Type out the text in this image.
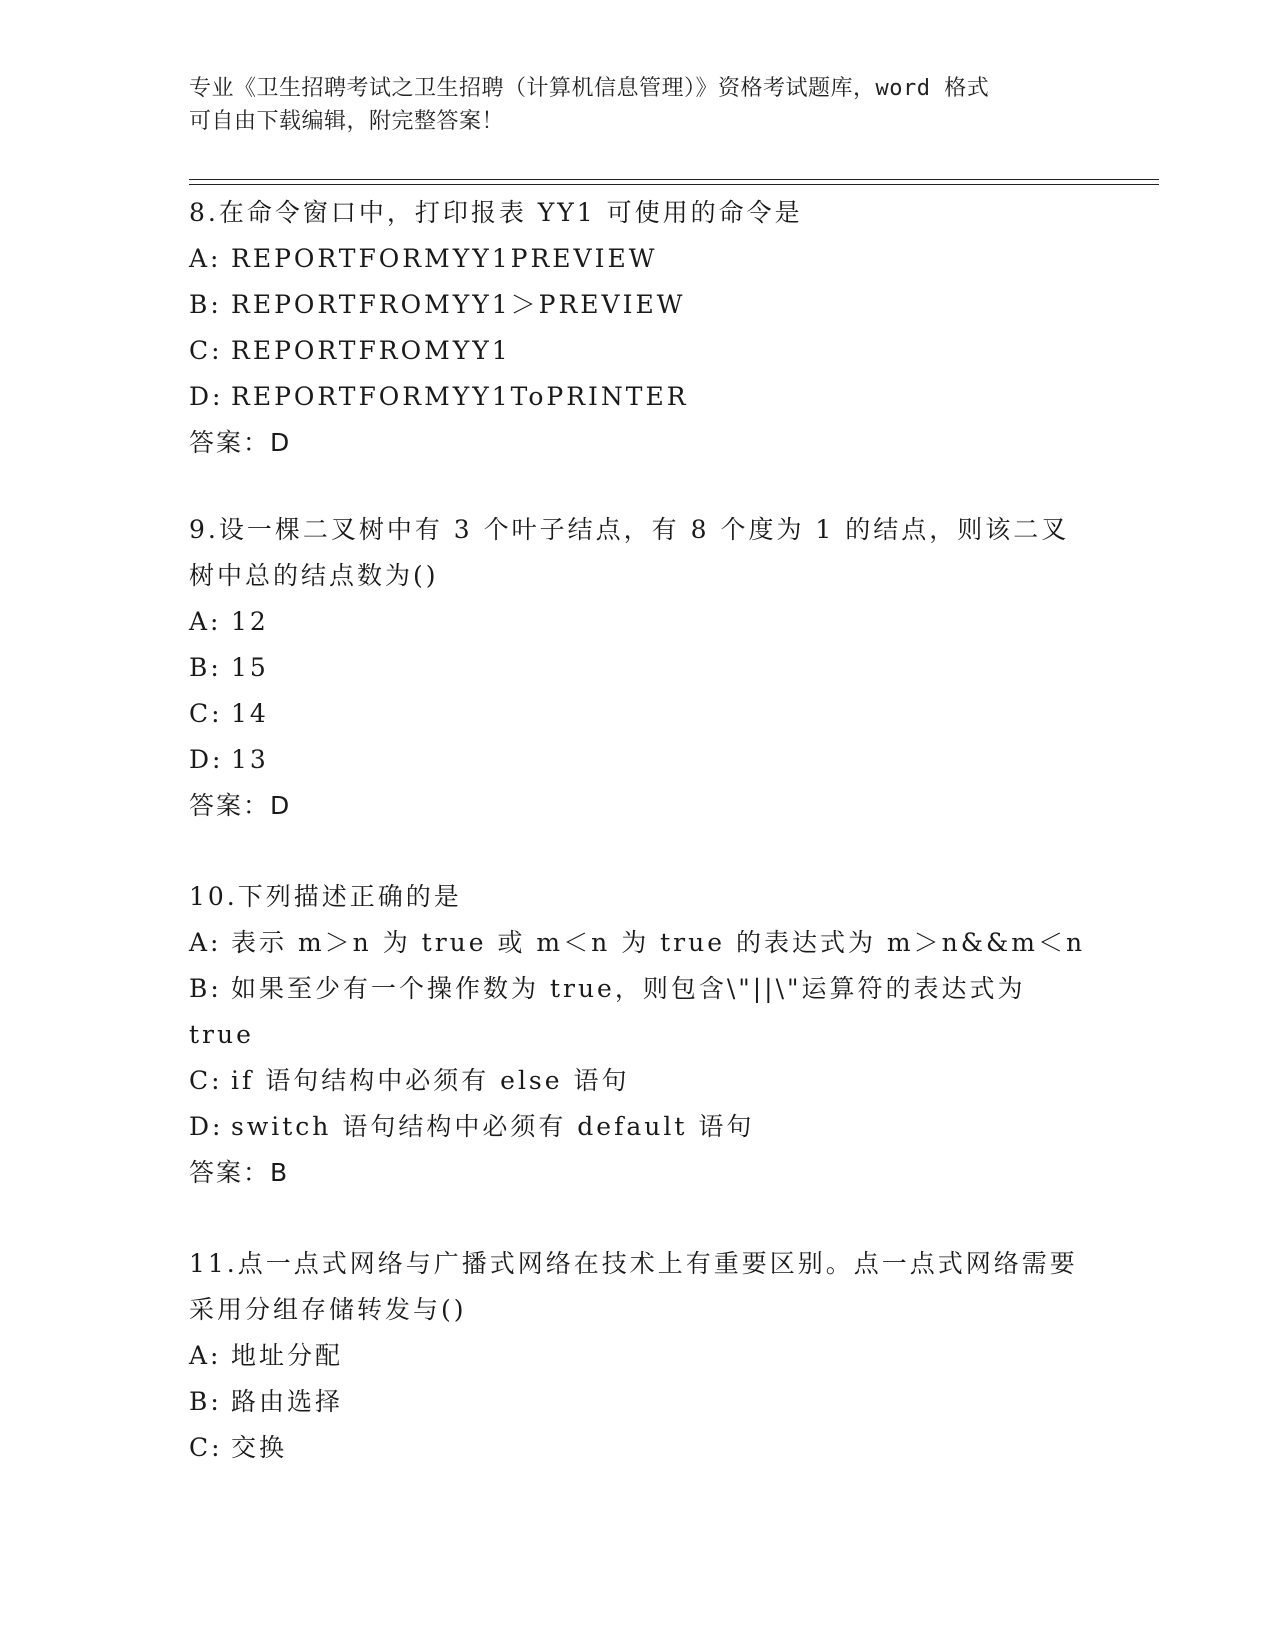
专业《卫生招聘考试之卫生招聘（计算机信息管理）》资格考试题库，word 格式
可自由下载编辑，附完整答案！
8.在命令窗口中，打印报表 YY1 可使用的命令是
A: REPORTFORMYY1PREVIEW
B: REPORTFROMYY1＞PREVIEW
C: REPORTFROMYY1
D: REPORTFORMYY1ToPRINTER
答案：D
9.设一棵二叉树中有 3 个叶子结点，有 8 个度为 1 的结点，则该二叉树中总的结点数为()
A: 12
B: 15
C: 14
D: 13
答案：D
10.下列描述正确的是
A: 表示 m＞n 为 true 或 m＜n 为 true 的表达式为 m＞n&&m＜n
B: 如果至少有一个操作数为 true，则包含\"||\"运算符的表达式为true
C: if 语句结构中必须有 else 语句
D: switch 语句结构中必须有 default 语句
答案：B
11.点一点式网络与广播式网络在技术上有重要区别。点一点式网络需要采用分组存储转发与()
A: 地址分配
B: 路由选择
C: 交换
